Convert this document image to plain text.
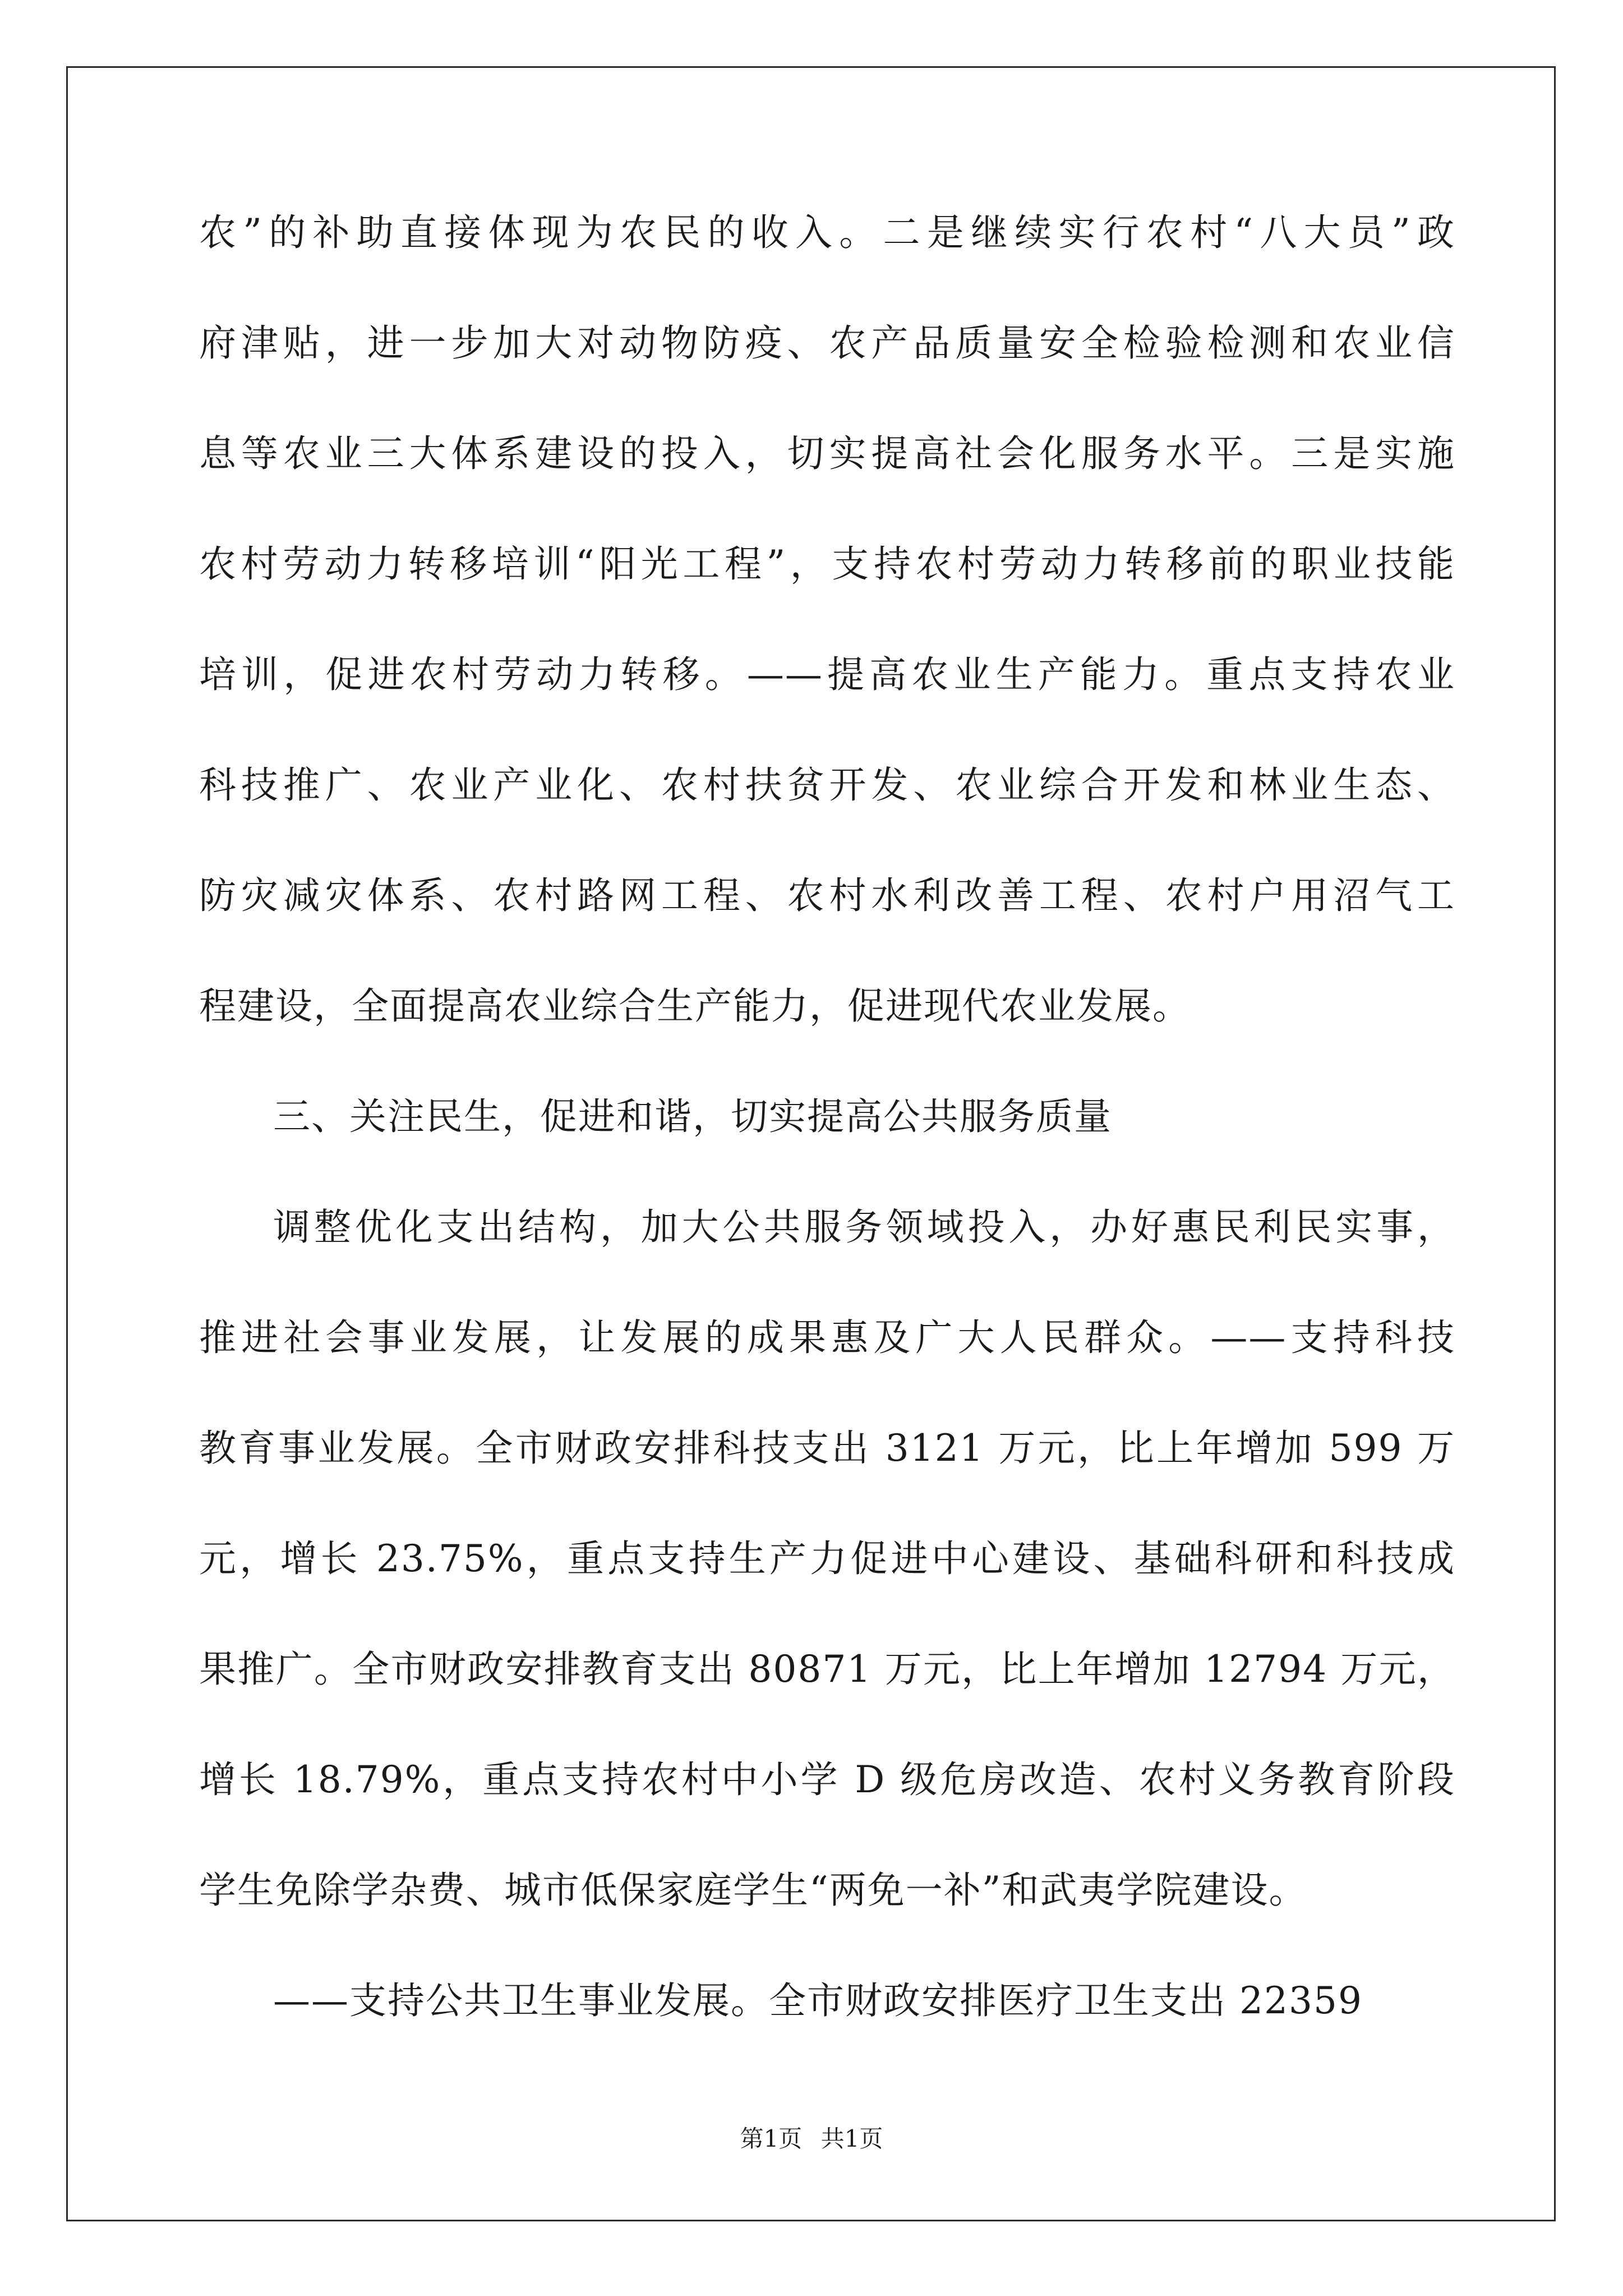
农”的补助直接体现为农民的收入。二是继续实行农村“八大员”政

府津贴，进一步加大对动物防疫、农产品质量安全检验检测和农业信

息等农业三大体系建设的投入，切实提高社会化服务水平。三是实施

农村劳动力转移培训“阳光工程”，支持农村劳动力转移前的职业技能

培训，促进农村劳动力转移。——提高农业生产能力。重点支持农业

科技推广、农业产业化、农村扶贫开发、农业综合开发和林业生态、

防灾减灾体系、农村路网工程、农村水利改善工程、农村户用沼气工

程建设，全面提高农业综合生产能力，促进现代农业发展。

三、关注民生，促进和谐，切实提高公共服务质量

调整优化支出结构，加大公共服务领域投入，办好惠民利民实事，

推进社会事业发展，让发展的成果惠及广大人民群众。——支持科技

教育事业发展。全市财政安排科技支出 3121 万元，比上年增加 599 万

元，增长 23.75%，重点支持生产力促进中心建设、基础科研和科技成

果推广。全市财政安排教育支出 80871 万元，比上年增加 12794 万元，

增长 18.79%，重点支持农村中小学 D 级危房改造、农村义务教育阶段

学生免除学杂费、城市低保家庭学生“两免一补”和武夷学院建设。

——支持公共卫生事业发展。全市财政安排医疗卫生支出 22359

第1页 共1页
